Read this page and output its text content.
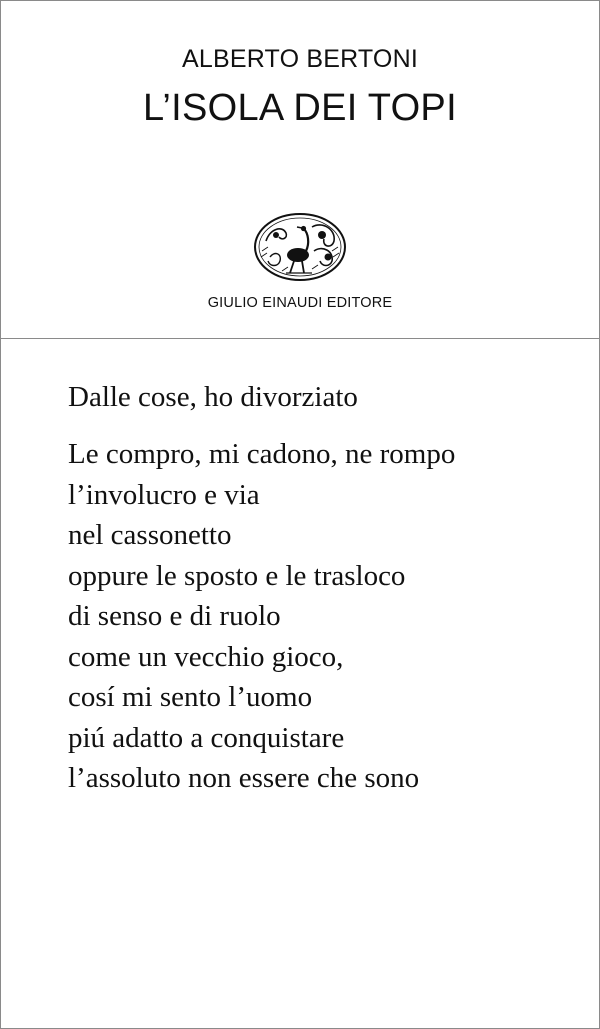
ALBERTO BERTONI
L’ISOLA DEI TOPI
GIULIO EINAUDI EDITORE
Dalle cose, ho divorziato
Le compro, mi cadono, ne rompo
l’involucro e via
nel cassonetto
oppure le sposto e le trasloco
di senso e di ruolo
come un vecchio gioco,
cosí mi sento l’uomo
piú adatto a conquistare
l’assoluto non essere che sono
